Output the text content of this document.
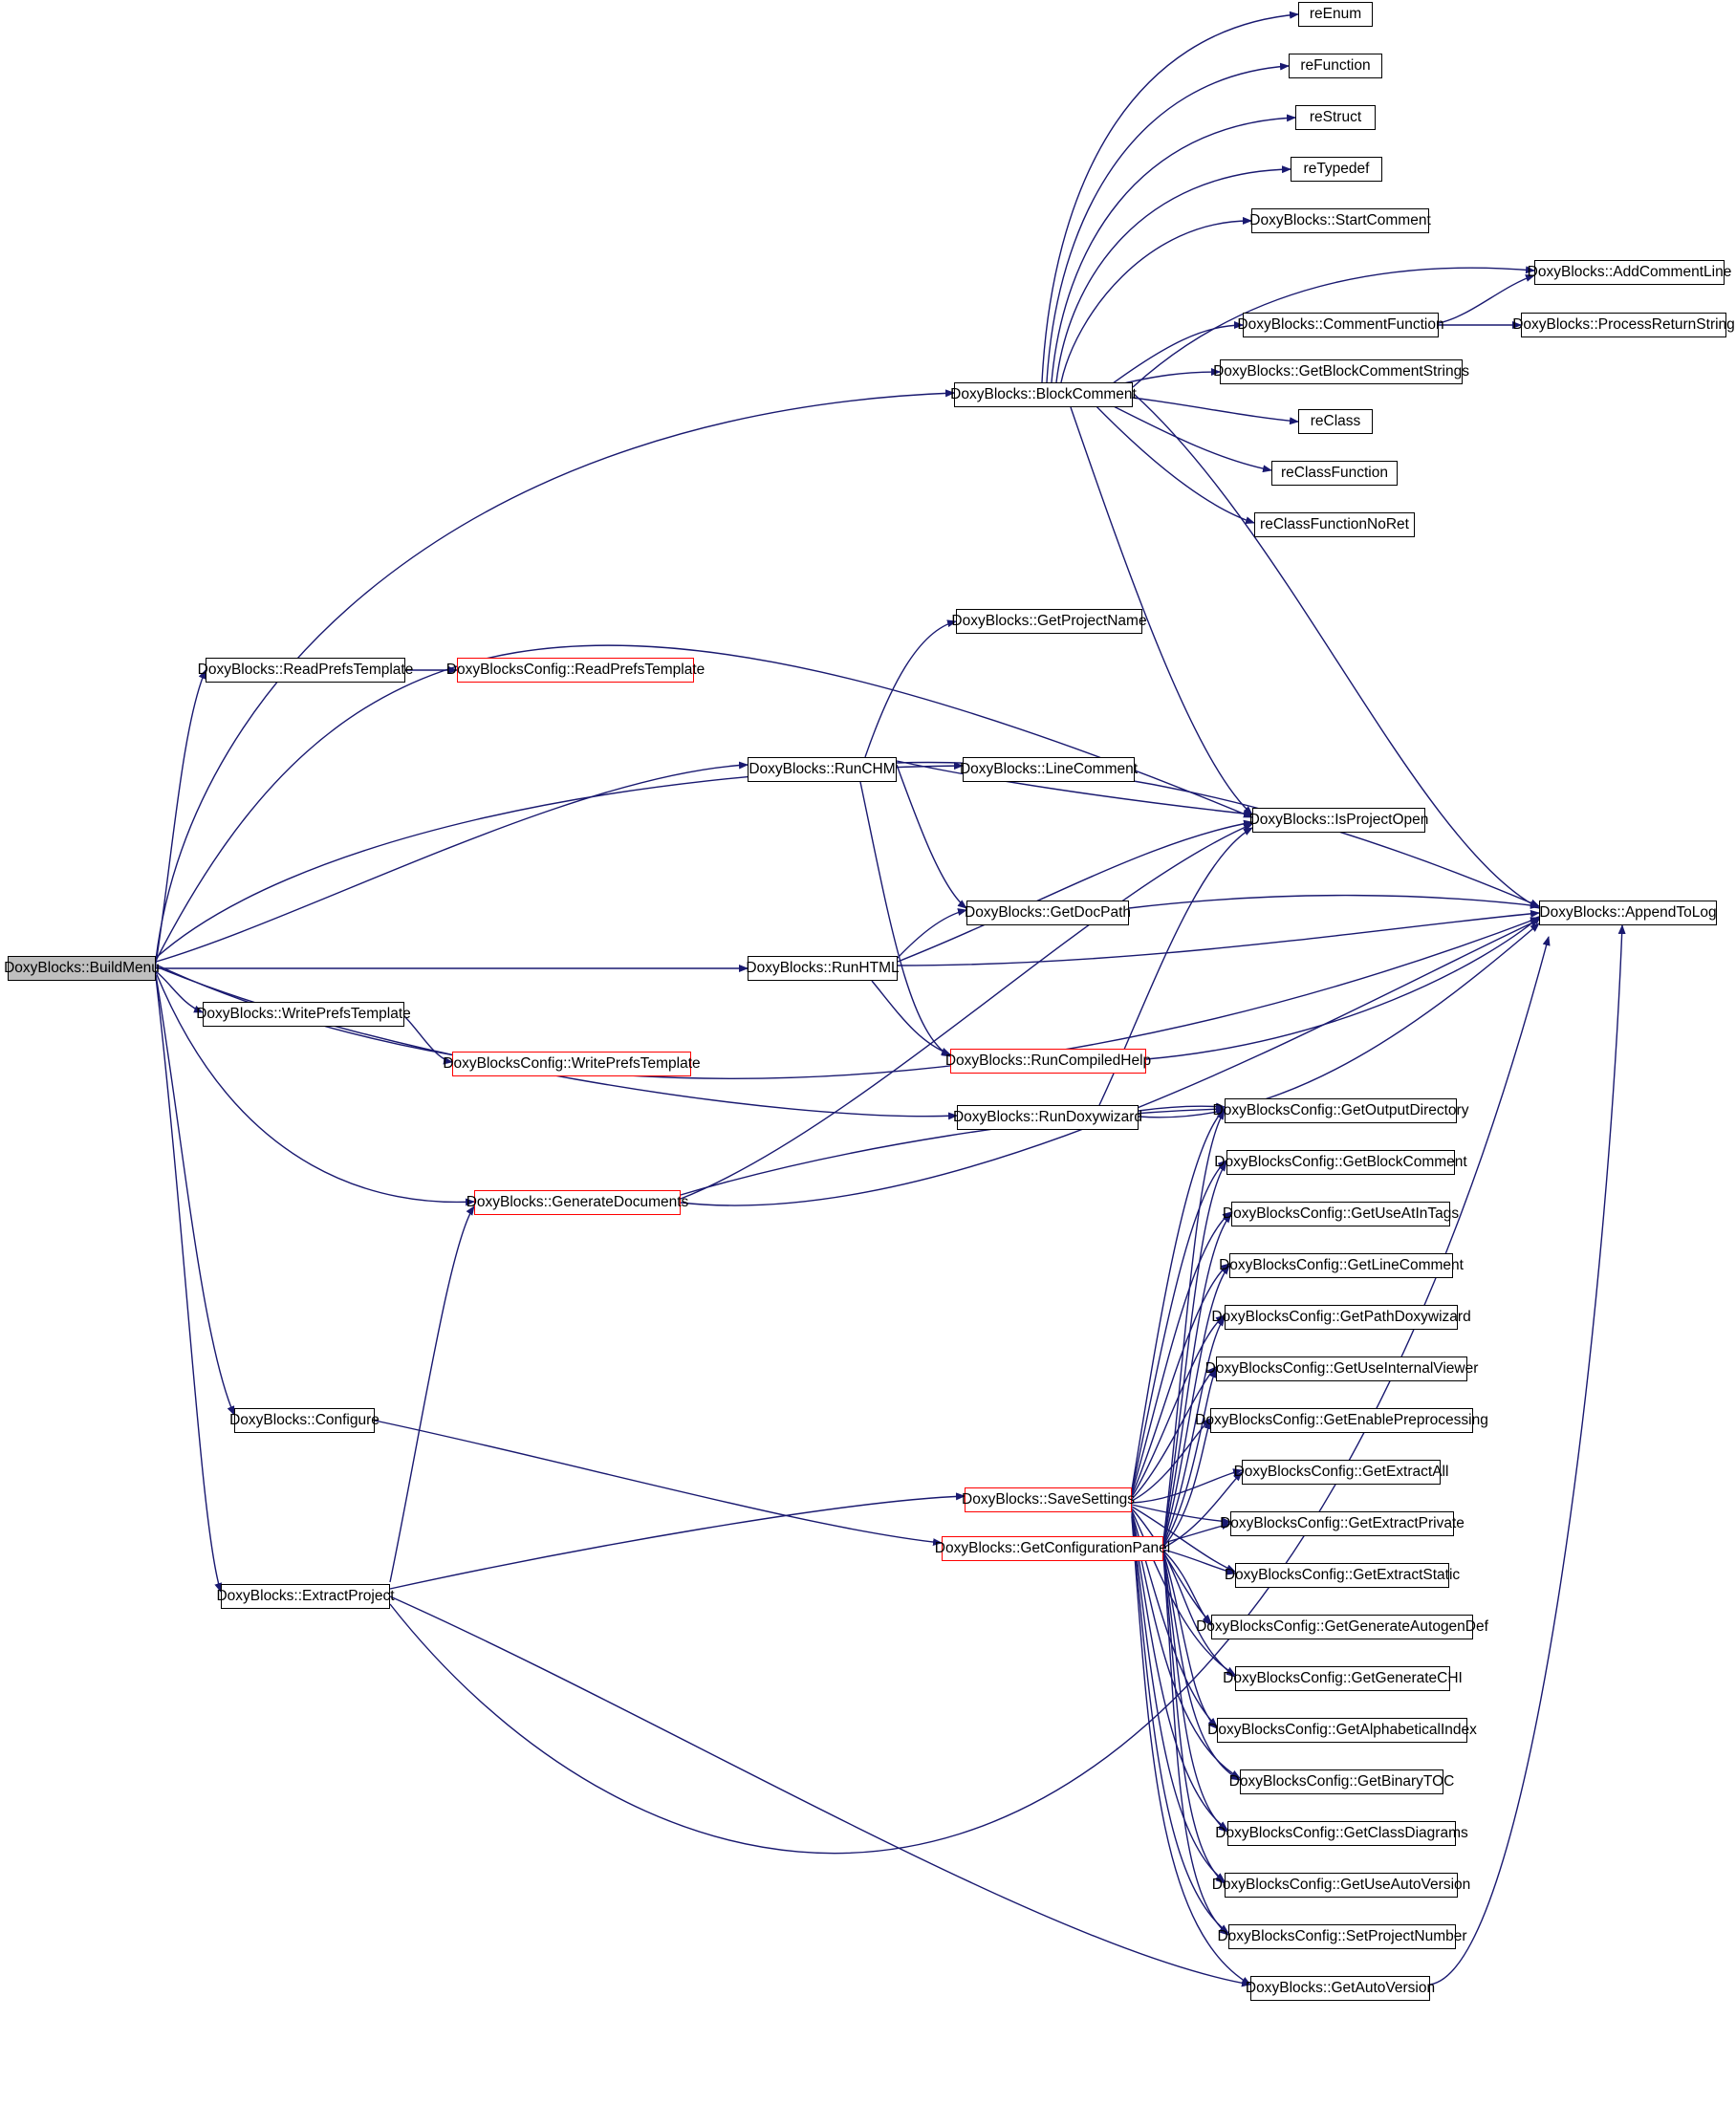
DoxyBlocks::BuildMenu
DoxyBlocks::ReadPrefsTemplate DoxyBlocksConfig::ReadPrefsTemplate
DoxyBlocks::WritePrefsTemplate
DoxyBlocksConfig::WritePrefsTemplate
DoxyBlocks::Configure
DoxyBlocks::ExtractProject
DoxyBlocks::GenerateDocuments
DoxyBlocks::BlockComment
reEnum
reFunction
reStruct
reTypedef
DoxyBlocks::StartComment
DoxyBlocks::AddCommentLine
DoxyBlocks::CommentFunction	DoxyBlocks::ProcessReturnString
DoxyBlocks::GetBlockCommentStrings
reClass
reClassFunction
reClassFunctionNoRet
DoxyBlocks::GetProjectName
DoxyBlocks::RunCHM	DoxyBlocks::LineComment
DoxyBlocks::IsProjectOpen
DoxyBlocks::GetDocPath	DoxyBlocks::AppendToLog
DoxyBlocks::RunHTML
DoxyBlocks::RunCompiledHelp
DoxyBlocks::RunDoxywizard	DoxyBlocksConfig::GetOutputDirectory
DoxyBlocksConfig::GetBlockComment
DoxyBlocksConfig::GetUseAtInTags
DoxyBlocksConfig::GetLineComment
DoxyBlocksConfig::GetPathDoxywizard
DoxyBlocksConfig::GetUseInternalViewer
DoxyBlocksConfig::GetEnablePreprocessing
DoxyBlocksConfig::GetExtractAll
DoxyBlocksConfig::GetExtractPrivate
DoxyBlocksConfig::GetExtractStatic
DoxyBlocksConfig::GetGenerateAutogenDef
DoxyBlocksConfig::GetGenerateCHI
DoxyBlocksConfig::GetAlphabeticalIndex
DoxyBlocksConfig::GetBinaryTOC
DoxyBlocksConfig::GetClassDiagrams
DoxyBlocksConfig::GetUseAutoVersion
DoxyBlocksConfig::SetProjectNumber
DoxyBlocks::GetAutoVersion
DoxyBlocks::SaveSettings
DoxyBlocks::GetConfigurationPanel
